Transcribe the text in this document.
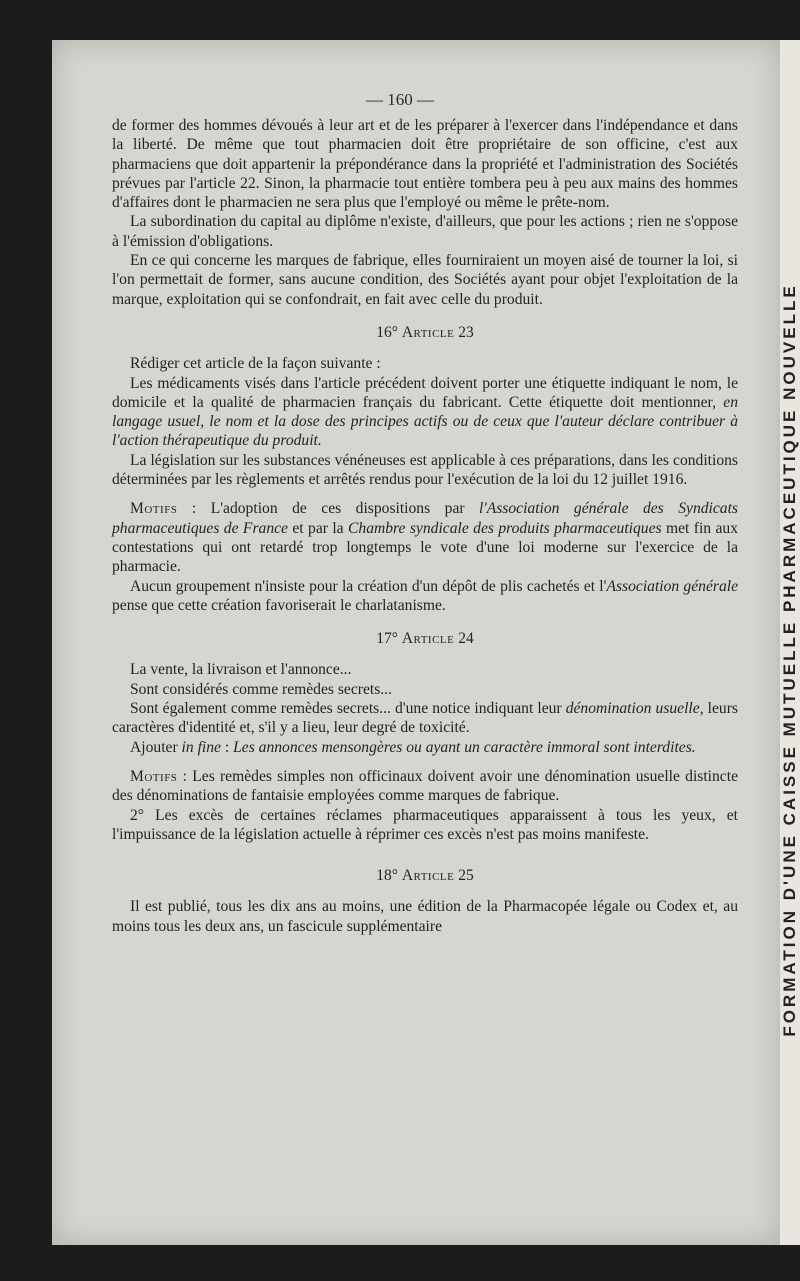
FORMATION D'UNE CAISSE MUTUELLE PHARMACEUTIQUE NOUVELLE
— 160 —

de former des hommes dévoués à leur art et de les préparer à l'exercer dans l'indépendance et dans la liberté. De même que tout pharmacien doit être propriétaire de son officine, c'est aux pharmaciens que doit appartenir la prépondérance dans la propriété et l'administration des Sociétés prévues par l'article 22. Sinon, la pharmacie tout entière tombera peu à peu aux mains des hommes d'affaires dont le pharmacien ne sera plus que l'employé ou même le prête-nom.

La subordination du capital au diplôme n'existe, d'ailleurs, que pour les actions ; rien ne s'oppose à l'émission d'obligations.

En ce qui concerne les marques de fabrique, elles fourniraient un moyen aisé de tourner la loi, si l'on permettait de former, sans aucune condition, des Sociétés ayant pour objet l'exploitation de la marque, exploitation qui se confondrait, en fait avec celle du produit.

16° Article 23

Rédiger cet article de la façon suivante :

Les médicaments visés dans l'article précédent doivent porter une étiquette indiquant le nom, le domicile et la qualité de pharmacien français du fabricant. Cette étiquette doit mentionner, en langage usuel, le nom et la dose des principes actifs ou de ceux que l'auteur déclare contribuer à l'action thérapeutique du produit.

La législation sur les substances vénéneuses est applicable à ces préparations, dans les conditions déterminées par les règlements et arrêtés rendus pour l'exécution de la loi du 12 juillet 1916.

Motifs : L'adoption de ces dispositions par l'Association générale des Syndicats pharmaceutiques de France et par la Chambre syndicale des produits pharmaceutiques met fin aux contestations qui ont retardé trop longtemps le vote d'une loi moderne sur l'exercice de la pharmacie.

Aucun groupement n'insiste pour la création d'un dépôt de plis cachetés et l'Association générale pense que cette création favoriserait le charlatanisme.

17° Article 24

La vente, la livraison et l'annonce...

Sont considérés comme remèdes secrets...

Sont également comme remèdes secrets... d'une notice indiquant leur dénomination usuelle, leurs caractères d'identité et, s'il y a lieu, leur degré de toxicité.

Ajouter in fine : Les annonces mensongères ou ayant un caractère immoral sont interdites.

Motifs : Les remèdes simples non officinaux doivent avoir une dénomination usuelle distincte des dénominations de fantaisie employées comme marques de fabrique.

2° Les excès de certaines réclames pharmaceutiques apparaissent à tous les yeux, et l'impuissance de la législation actuelle à réprimer ces excès n'est pas moins manifeste.

18° Article 25

Il est publié, tous les dix ans au moins, une édition de la Pharmacopée légale ou Codex et, au moins tous les deux ans, un fascicule supplémentaire
